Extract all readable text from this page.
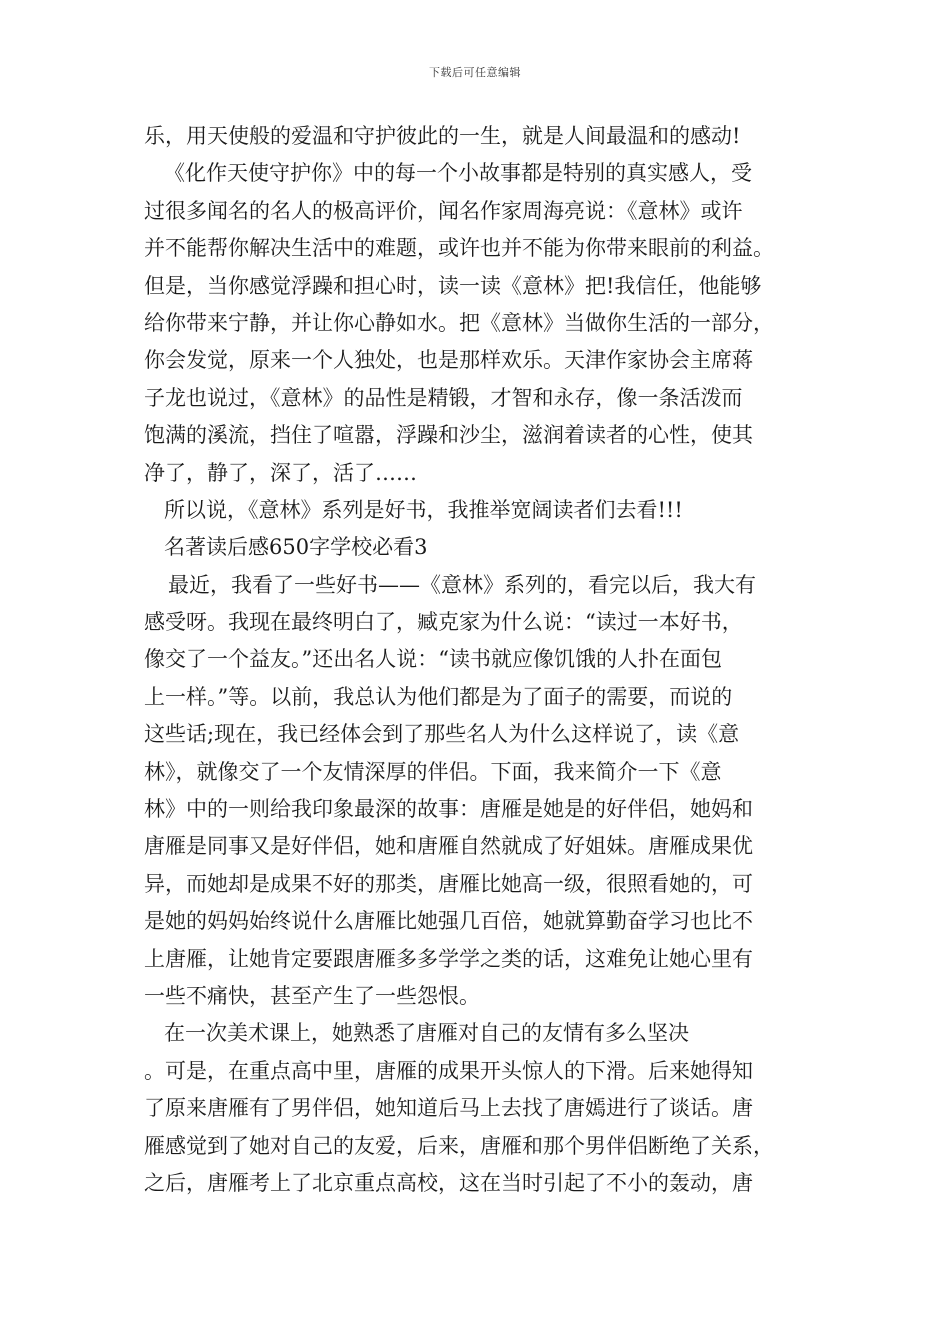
下载后可任意编辑
乐，用天使般的爱温和守护彼此的一生，就是人间最温和的感动!
《化作天使守护你》中的每一个小故事都是特别的真实感人，受
过很多闻名的名人的极高评价，闻名作家周海亮说：《意林》或许
并不能帮你解决生活中的难题，或许也并不能为你带来眼前的利益。
但是，当你感觉浮躁和担心时，读一读《意林》把!我信任，他能够
给你带来宁静，并让你心静如水。把《意林》当做你生活的一部分，
你会发觉，原来一个人独处，也是那样欢乐。天津作家协会主席蒋
子龙也说过，《意林》的品性是精锻，才智和永存，像一条活泼而
饱满的溪流，挡住了喧嚣，浮躁和沙尘，滋润着读者的心性，使其
净了，静了，深了，活了……
所以说，《意林》系列是好书，我推举宽阔读者们去看!!!
名著读后感650字学校必看3
最近，我看了一些好书——《意林》系列的，看完以后，我大有
感受呀。我现在最终明白了，臧克家为什么说：“读过一本好书，
像交了一个益友。”还出名人说：“读书就应像饥饿的人扑在面包
上一样。”等。以前，我总认为他们都是为了面子的需要，而说的
这些话;现在，我已经体会到了那些名人为什么这样说了，读《意
林》，就像交了一个友情深厚的伴侣。下面，我来简介一下《意
林》中的一则给我印象最深的故事：唐雁是她是的好伴侣，她妈和
唐雁是同事又是好伴侣，她和唐雁自然就成了好姐妹。唐雁成果优
异，而她却是成果不好的那类，唐雁比她高一级，很照看她的，可
是她的妈妈始终说什么唐雁比她强几百倍，她就算勤奋学习也比不
上唐雁，让她肯定要跟唐雁多多学学之类的话，这难免让她心里有
一些不痛快，甚至产生了一些怨恨。
在一次美术课上，她熟悉了唐雁对自己的友情有多么坚决
。可是，在重点高中里，唐雁的成果开头惊人的下滑。后来她得知
了原来唐雁有了男伴侣，她知道后马上去找了唐嫣进行了谈话。唐
雁感觉到了她对自己的友爱，后来，唐雁和那个男伴侣断绝了关系，
之后，唐雁考上了北京重点高校，这在当时引起了不小的轰动，唐
